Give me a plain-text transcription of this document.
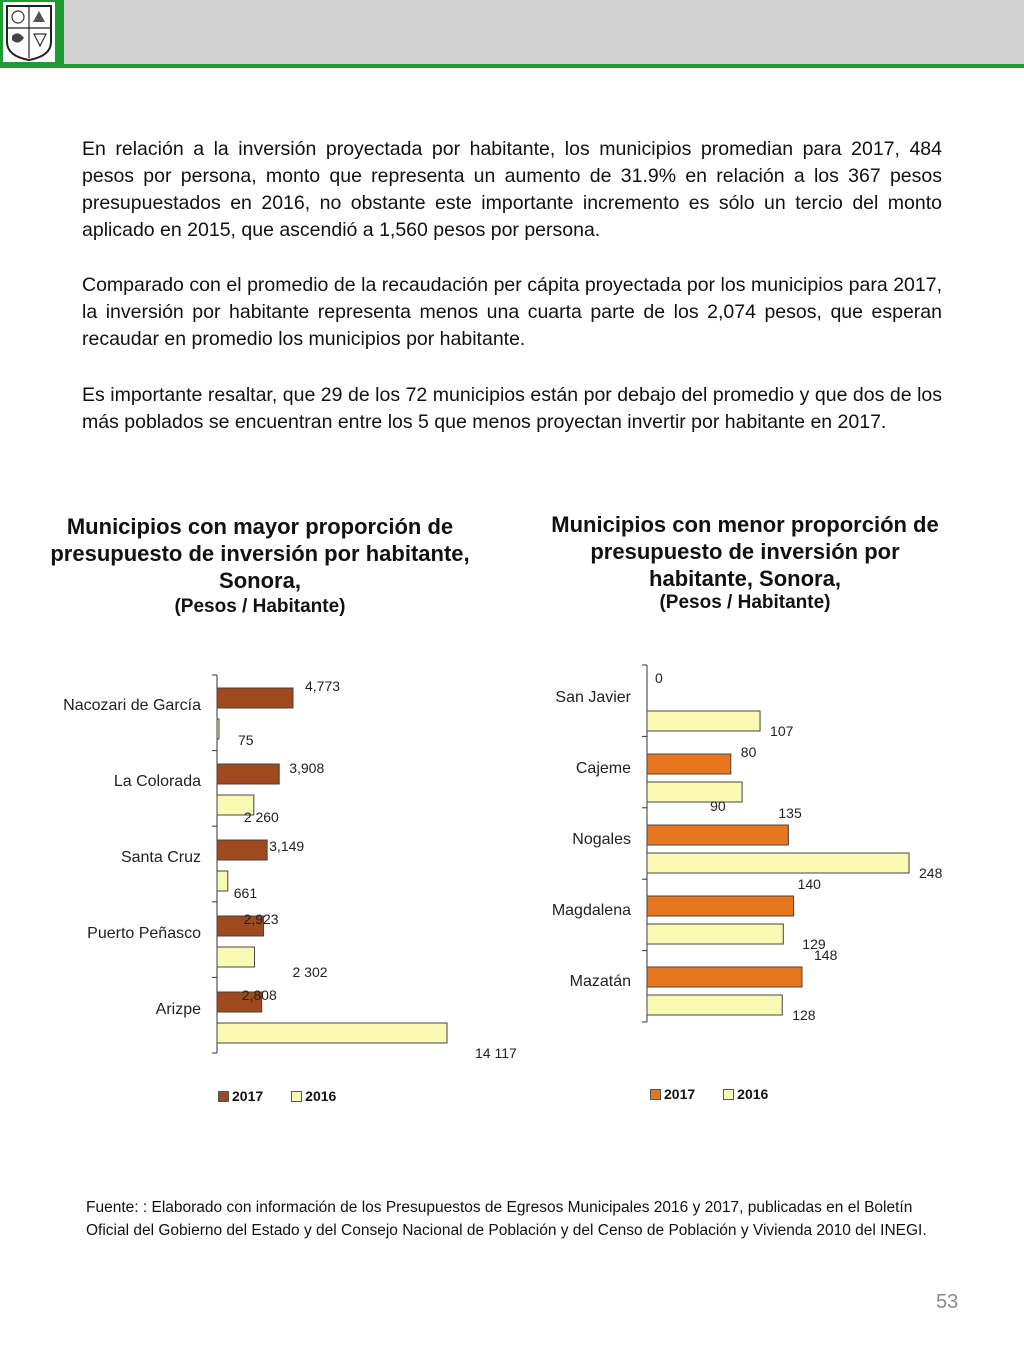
En relación a la inversión proyectada por habitante, los municipios promedian para 2017, 484 pesos por persona, monto que representa un aumento de 31.9% en relación a los 367 pesos presupuestados en 2016, no obstante este importante incremento es sólo un tercio del monto aplicado en 2015, que ascendió a 1,560 pesos por persona.

Comparado con el promedio de la recaudación per cápita proyectada por los municipios para 2017, la inversión por habitante representa menos una cuarta parte de los 2,074 pesos, que esperan recaudar en promedio los municipios por habitante.

Es importante resaltar, que 29 de los 72 municipios están por debajo del promedio y que dos de los más poblados se encuentran entre los 5 que menos proyectan invertir por habitante en 2017.

Municipios con mayor proporción de presupuesto de inversión por habitante, Sonora,
(Pesos / Habitante)
Municipios con menor proporción de presupuesto de inversión por habitante, Sonora,
(Pesos / Habitante)
Nacozari de García
4,773
75
La Colorada
3,908
2 260
Santa Cruz
3,149
661
Puerto Peñasco
2,923
2 302
Arizpe
2,808
14 117
San Javier
0
107
Cajeme
80
90
Nogales
135
248
Magdalena
140
129
Mazatán
148
128
2017	2016	2017	2016

Fuente: : Elaborado con información de los Presupuestos de Egresos Municipales 2016 y 2017, publicadas en el Boletín Oficial del Gobierno del Estado y del Consejo Nacional de Población y del Censo de Población y Vivienda 2010 del INEGI.

53
